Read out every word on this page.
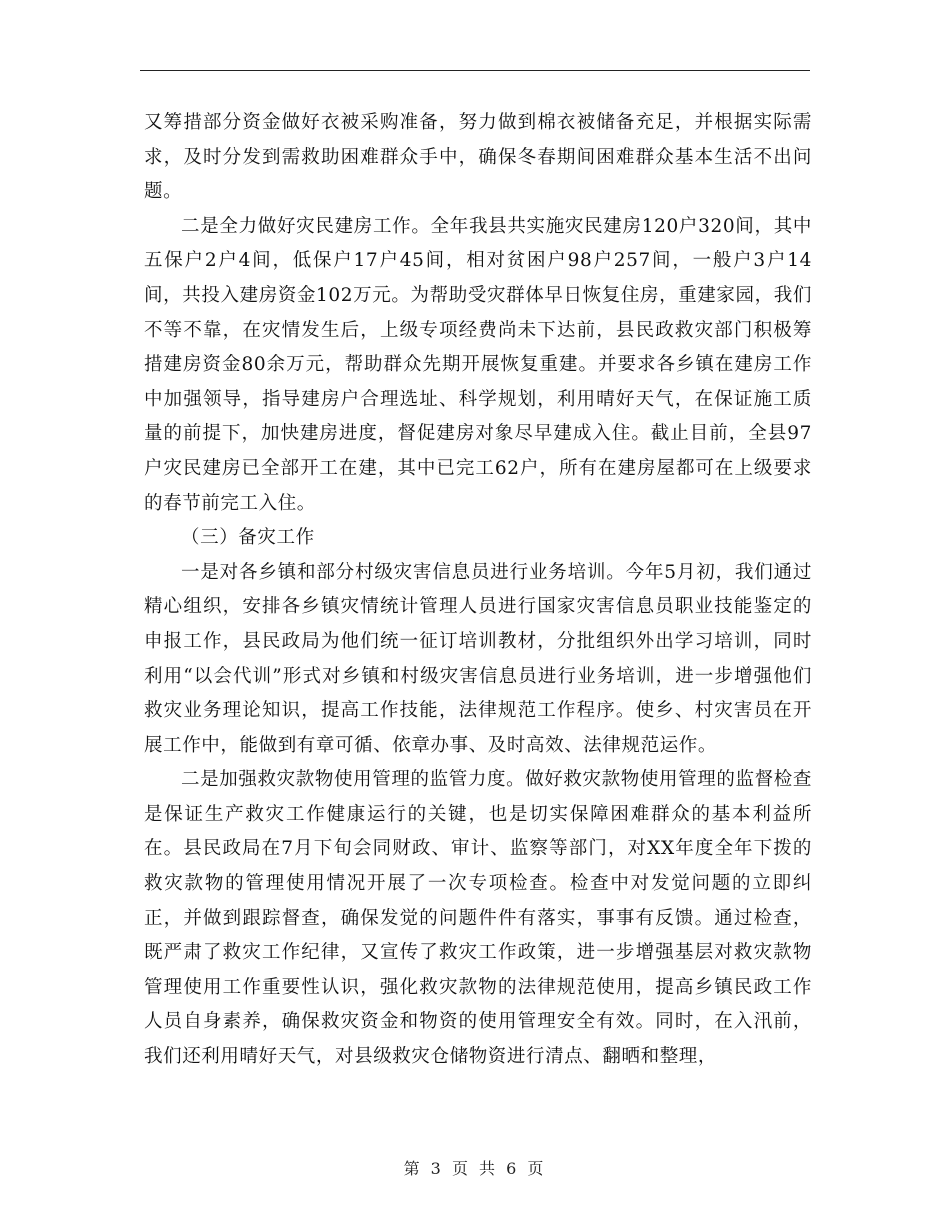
又筹措部分资金做好衣被采购准备，努力做到棉衣被储备充足，并根据实际需求，及时分发到需救助困难群众手中，确保冬春期间困难群众基本生活不出问题。

二是全力做好灾民建房工作。全年我县共实施灾民建房120户320间，其中五保户2户4间，低保户17户45间，相对贫困户98户257间，一般户3户14间，共投入建房资金102万元。为帮助受灾群体早日恢复住房，重建家园，我们不等不靠，在灾情发生后，上级专项经费尚未下达前，县民政救灾部门积极筹措建房资金80余万元，帮助群众先期开展恢复重建。并要求各乡镇在建房工作中加强领导，指导建房户合理选址、科学规划，利用晴好天气，在保证施工质量的前提下，加快建房进度，督促建房对象尽早建成入住。截止目前，全县97户灾民建房已全部开工在建，其中已完工62户，所有在建房屋都可在上级要求的春节前完工入住。

（三）备灾工作

一是对各乡镇和部分村级灾害信息员进行业务培训。今年5月初，我们通过精心组织，安排各乡镇灾情统计管理人员进行国家灾害信息员职业技能鉴定的申报工作，县民政局为他们统一征订培训教材，分批组织外出学习培训，同时利用“以会代训”形式对乡镇和村级灾害信息员进行业务培训，进一步增强他们救灾业务理论知识，提高工作技能，法律规范工作程序。使乡、村灾害员在开展工作中，能做到有章可循、依章办事、及时高效、法律规范运作。

二是加强救灾款物使用管理的监管力度。做好救灾款物使用管理的监督检查是保证生产救灾工作健康运行的关键，也是切实保障困难群众的基本利益所在。县民政局在7月下旬会同财政、审计、监察等部门，对XX年度全年下拨的救灾款物的管理使用情况开展了一次专项检查。检查中对发觉问题的立即纠正，并做到跟踪督查，确保发觉的问题件件有落实，事事有反馈。通过检查，既严肃了救灾工作纪律，又宣传了救灾工作政策，进一步增强基层对救灾款物管理使用工作重要性认识，强化救灾款物的法律规范使用，提高乡镇民政工作人员自身素养，确保救灾资金和物资的使用管理安全有效。同时，在入汛前，我们还利用晴好天气，对县级救灾仓储物资进行清点、翻晒和整理，

第 3 页 共 6 页
